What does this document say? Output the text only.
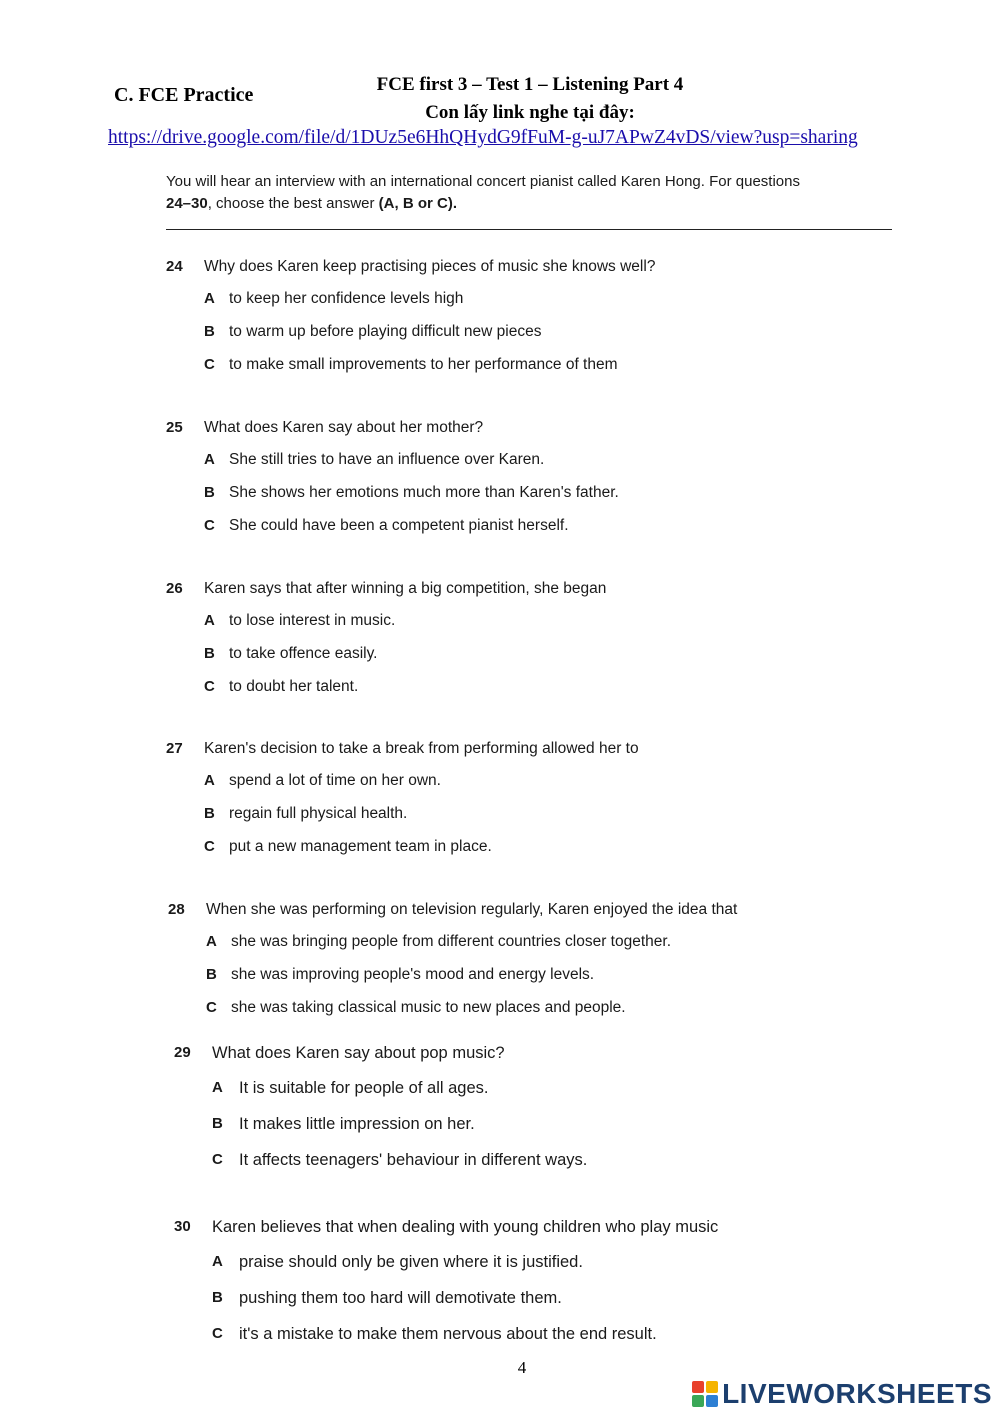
C. FCE Practice	FCE first 3 – Test 1 – Listening Part 4
Con lấy link nghe tại đây:
https://drive.google.com/file/d/1DUz5e6HhQHydG9fFuM-g-uJ7APwZ4vDS/view?usp=sharing
You will hear an interview with an international concert pianist called Karen Hong. For questions
24–30, choose the best answer (A, B or C).
24 Why does Karen keep practising pieces of music she knows well?
A to keep her confidence levels high
B to warm up before playing difficult new pieces
C to make small improvements to her performance of them
25 What does Karen say about her mother?
A She still tries to have an influence over Karen.
B She shows her emotions much more than Karen's father.
C She could have been a competent pianist herself.
26 Karen says that after winning a big competition, she began
A to lose interest in music.
B to take offence easily.
C to doubt her talent.
27 Karen's decision to take a break from performing allowed her to
A spend a lot of time on her own.
B regain full physical health.
C put a new management team in place.
28 When she was performing on television regularly, Karen enjoyed the idea that
A she was bringing people from different countries closer together.
B she was improving people's mood and energy levels.
C she was taking classical music to new places and people.
29 What does Karen say about pop music?
A It is suitable for people of all ages.
B It makes little impression on her.
C It affects teenagers' behaviour in different ways.
30 Karen believes that when dealing with young children who play music
A praise should only be given where it is justified.
B pushing them too hard will demotivate them.
C it's a mistake to make them nervous about the end result.
4
LIVEWORKSHEETS
